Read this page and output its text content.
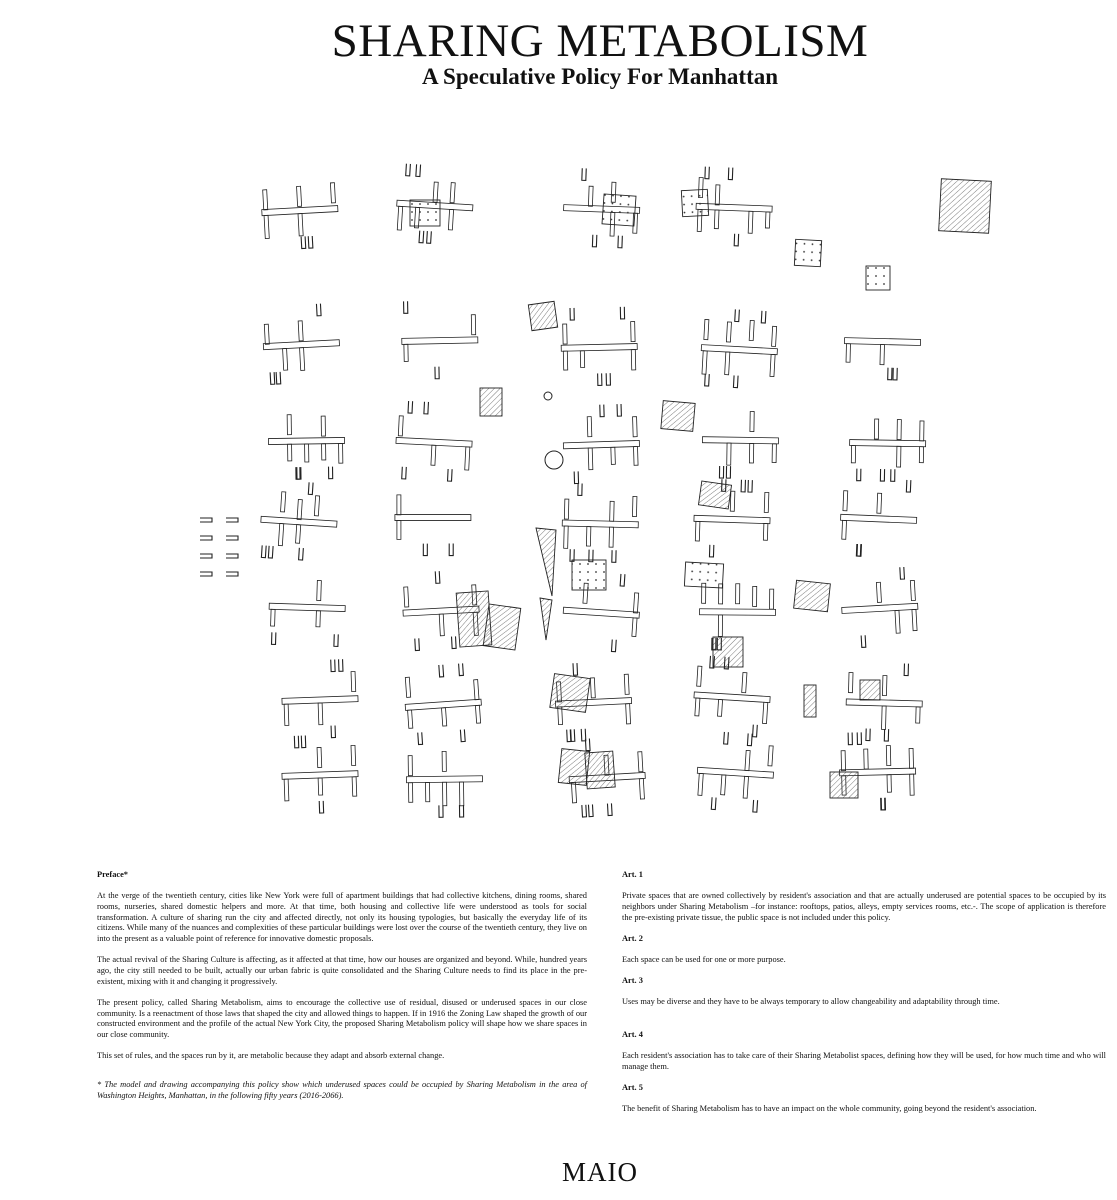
SHARING METABOLISM
A Speculative Policy For Manhattan

Preface*

At the verge of the twentieth century, cities like New York were full of apartment buildings that had collective kitchens, dining rooms, shared rooms, nurseries, shared domestic helpers and more. At that time, both housing and collective life were understood as tools for social transformation. A culture of sharing run the city and affected directly, not only its housing typologies, but basically the everyday life of its citizens. While many of the nuances and complexities of these particular buildings were lost over the course of the twentieth century, they live on into the present as a valuable point of reference for innovative domestic proposals.

The actual revival of the Sharing Culture is affecting, as it affected at that time, how our houses are organized and beyond. While, hundred years ago, the city still needed to be built, actually our urban fabric is quite consolidated and the Sharing Culture needs to find its place in the pre-existent, mixing with it and changing it progressively.

The present policy, called Sharing Metabolism, aims to encourage the collective use of residual, disused or underused spaces in our close community. Is a reenactment of those laws that shaped the city and allowed things to happen. If in 1916 the Zoning Law shaped the growth of our constructed environment and the profile of the actual New York City, the proposed Sharing Metabolism policy will shape how we share spaces in our close community.

This set of rules, and the spaces run by it, are metabolic because they adapt and absorb external change.

* The model and drawing accompanying this policy show which underused spaces could be occupied by Sharing Metabolism in the area of Washington Heights, Manhattan, in the following fifty years (2016-2066).

Art. 1

Private spaces that are owned collectively by resident's association and that are actually underused are potential spaces to be occupied by its neighbors under Sharing Metabolism –for instance: rooftops, patios, alleys, empty services rooms, etc.-. The scope of application is therefore the pre-existing private tissue, the public space is not included under this policy.

Art. 2

Each space can be used for one or more purpose.

Art. 3

Uses may be diverse and they have to be always temporary to allow changeability and adaptability through time.

Art. 4

Each resident's association has to take care of their Sharing Metabolist spaces, defining how they will be used, for how much time and who will manage them.

Art. 5

The benefit of Sharing Metabolism has to have an impact on the whole community, going beyond the resident's association.

MAIO
